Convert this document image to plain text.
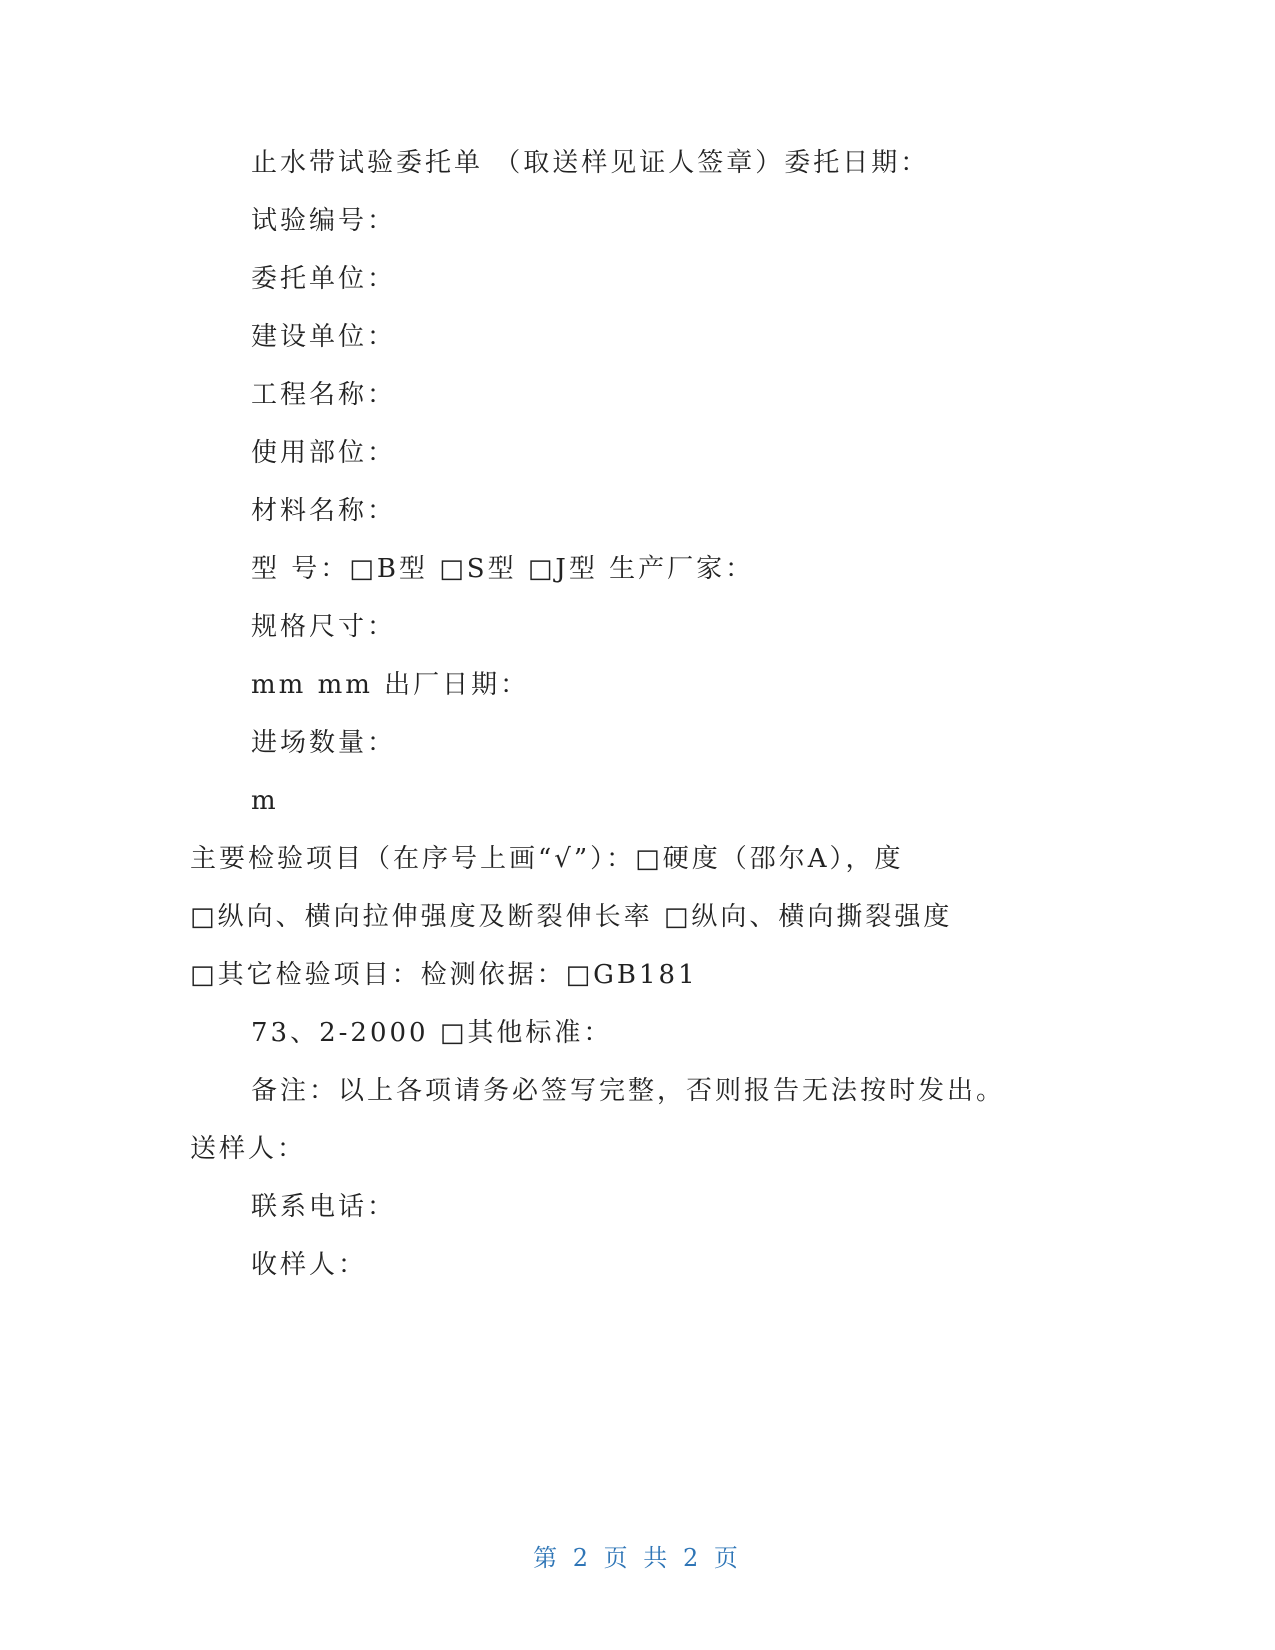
止水带试验委托单 （取送样见证人签章）委托日期：
试验编号：
委托单位：
建设单位：
工程名称：
使用部位：
材料名称：
型 号：□B型 □S型 □J型 生产厂家：
规格尺寸：
mm mm 出厂日期：
进场数量：
m
主要检验项目（在序号上画“√”）：□硬度（邵尔A），度
□纵向、横向拉伸强度及断裂伸长率 □纵向、横向撕裂强度
□其它检验项目：检测依据：□GB181
73、2-2000 □其他标准：
备注：以上各项请务必签写完整，否则报告无法按时发出。
送样人：
联系电话：
收样人：
第 2 页 共 2 页
